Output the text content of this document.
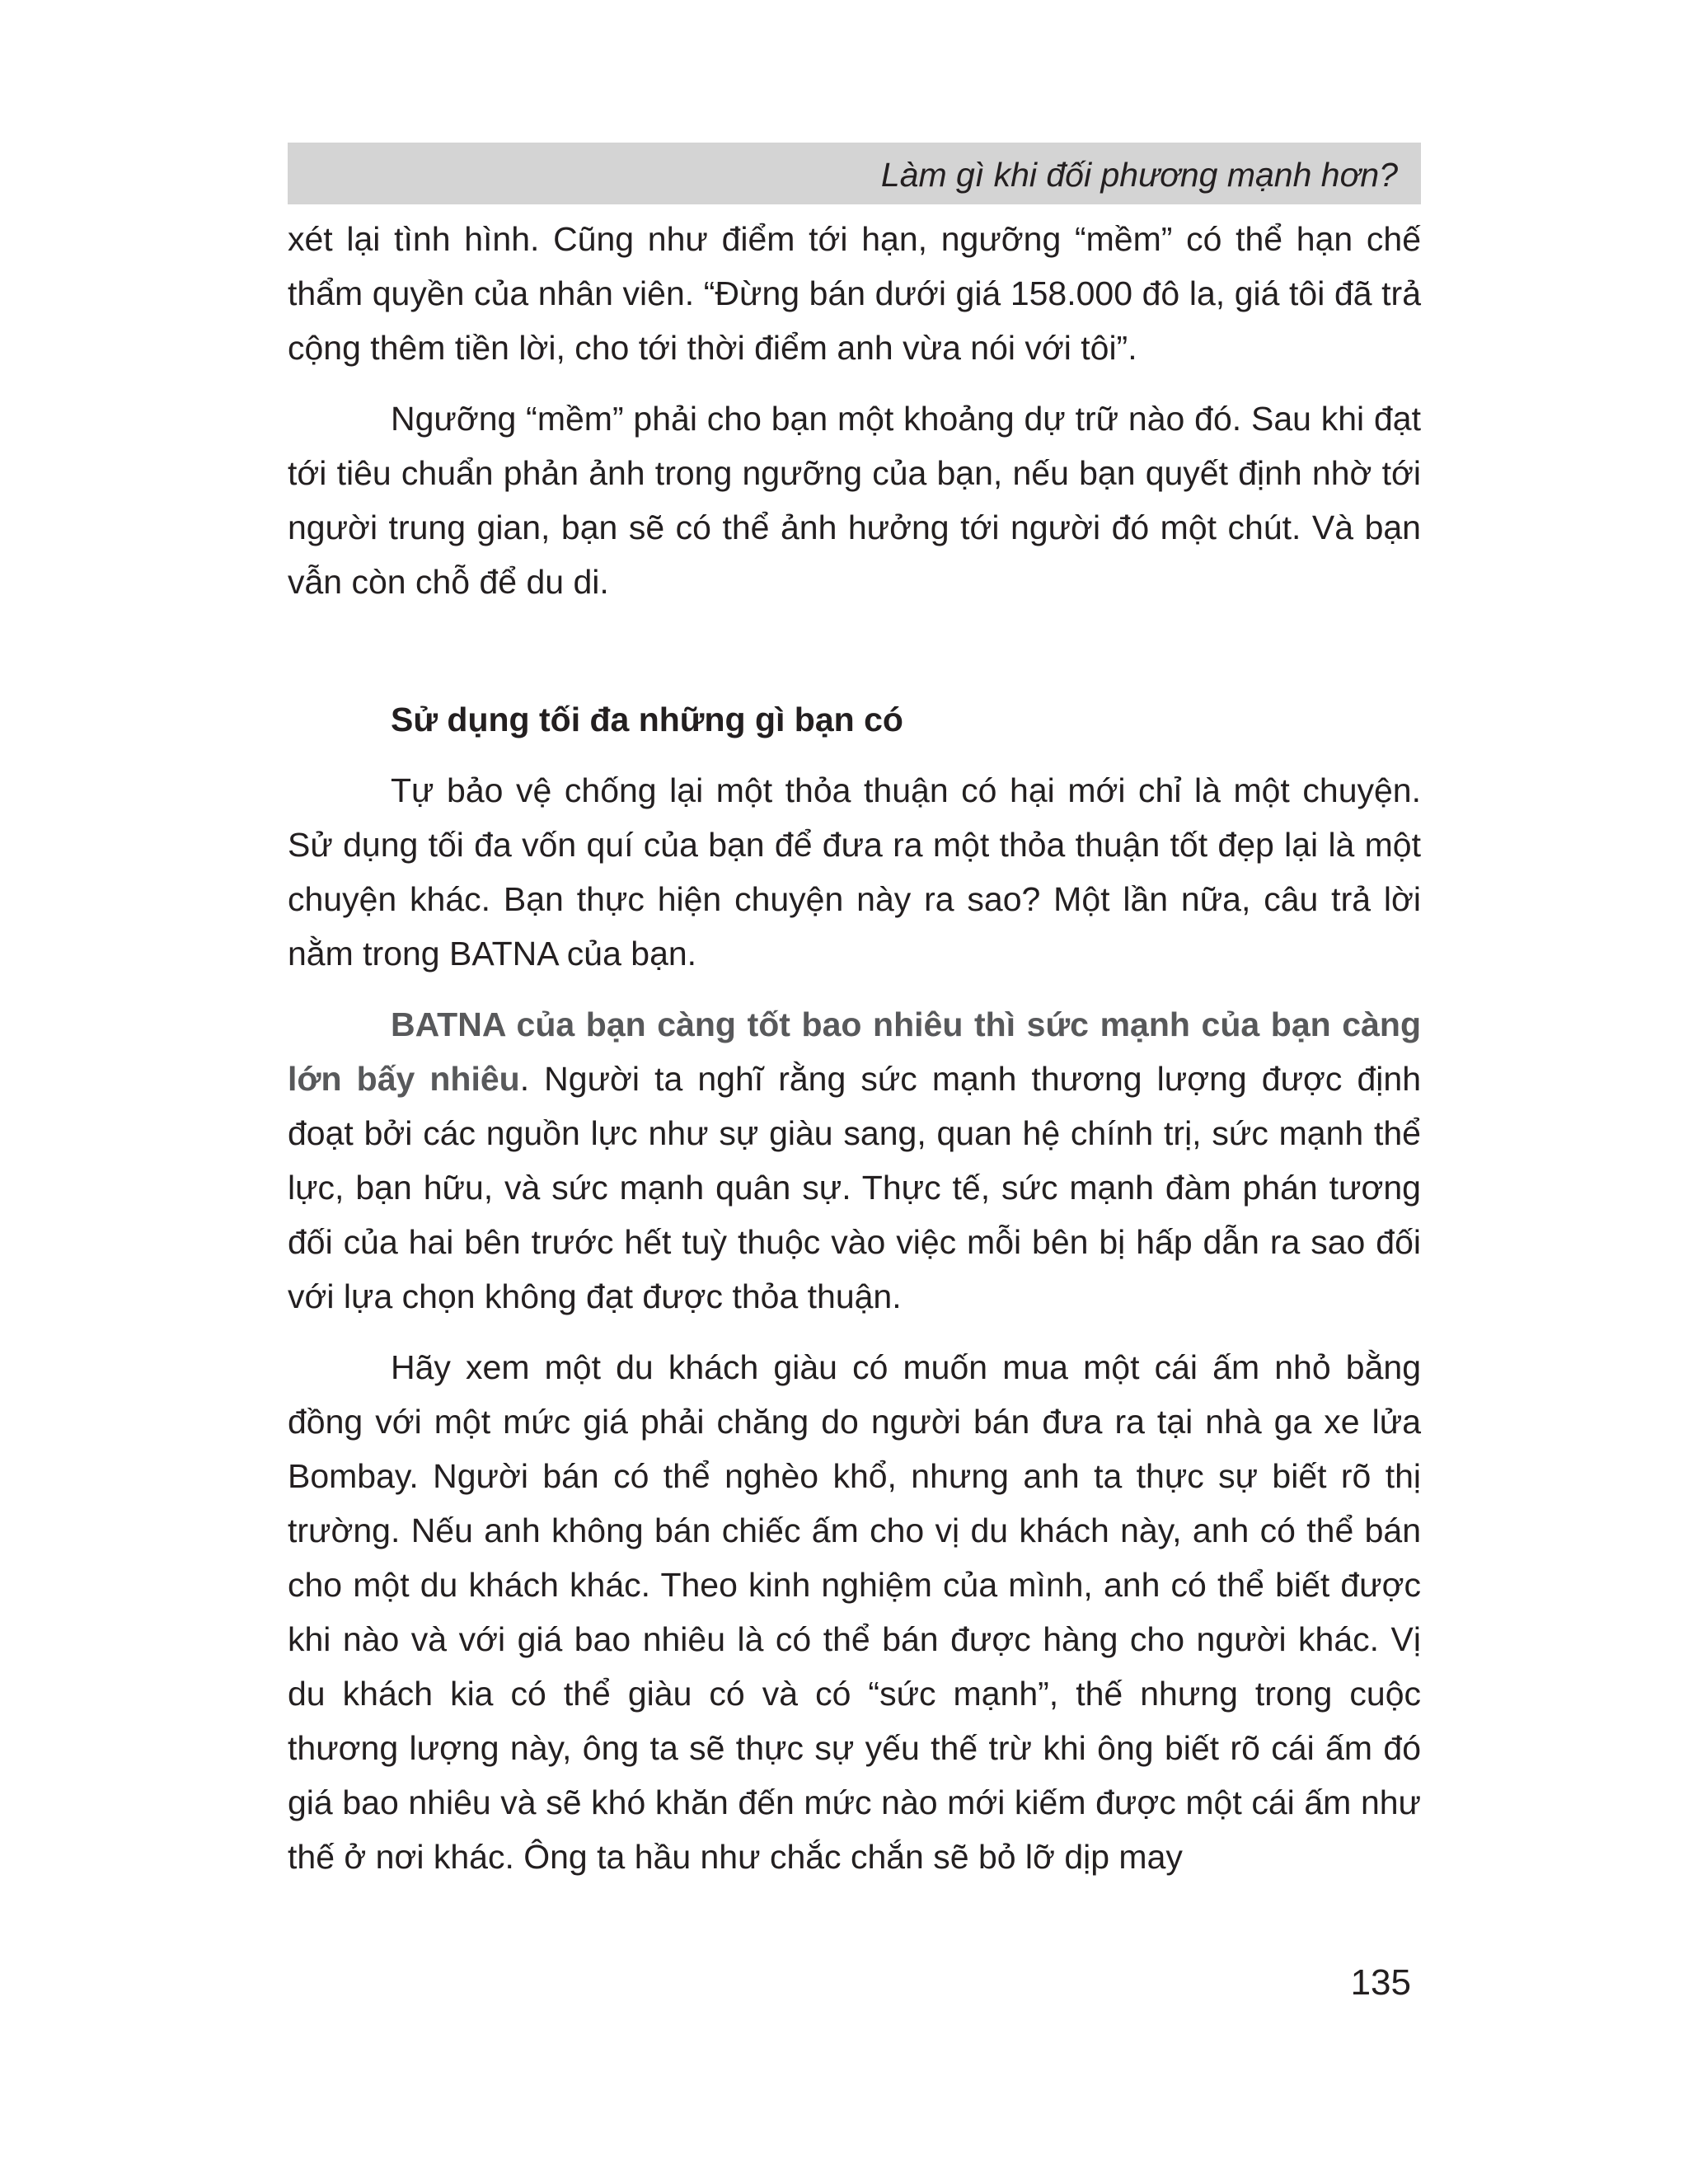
Làm gì khi đối phương mạnh hơn?

xét lại tình hình. Cũng như điểm tới hạn, ngưỡng “mềm” có thể hạn chế thẩm quyền của nhân viên. “Đừng bán dưới giá 158.000 đô la, giá tôi đã trả cộng thêm tiền lời, cho tới thời điểm anh vừa nói với tôi”.

Ngưỡng “mềm” phải cho bạn một khoảng dự trữ nào đó. Sau khi đạt tới tiêu chuẩn phản ảnh trong ngưỡng của bạn, nếu bạn quyết định nhờ tới người trung gian, bạn sẽ có thể ảnh hưởng tới người đó một chút. Và bạn vẫn còn chỗ để du di.

Sử dụng tối đa những gì bạn có

Tự bảo vệ chống lại một thỏa thuận có hại mới chỉ là một chuyện. Sử dụng tối đa vốn quí của bạn để đưa ra một thỏa thuận tốt đẹp lại là một chuyện khác. Bạn thực hiện chuyện này ra sao? Một lần nữa, câu trả lời nằm trong BATNA của bạn.

BATNA của bạn càng tốt bao nhiêu thì sức mạnh của bạn càng lớn bấy nhiêu. Người ta nghĩ rằng sức mạnh thương lượng được định đoạt bởi các nguồn lực như sự giàu sang, quan hệ chính trị, sức mạnh thể lực, bạn hữu, và sức mạnh quân sự. Thực tế, sức mạnh đàm phán tương đối của hai bên trước hết tuỳ thuộc vào việc mỗi bên bị hấp dẫn ra sao đối với lựa chọn không đạt được thỏa thuận.

Hãy xem một du khách giàu có muốn mua một cái ấm nhỏ bằng đồng với một mức giá phải chăng do người bán đưa ra tại nhà ga xe lửa Bombay. Người bán có thể nghèo khổ, nhưng anh ta thực sự biết rõ thị trường. Nếu anh không bán chiếc ấm cho vị du khách này, anh có thể bán cho một du khách khác. Theo kinh nghiệm của mình, anh có thể biết được khi nào và với giá bao nhiêu là có thể bán được hàng cho người khác. Vị du khách kia có thể giàu có và có “sức mạnh”, thế nhưng trong cuộc thương lượng này, ông ta sẽ thực sự yếu thế trừ khi ông biết rõ cái ấm đó giá bao nhiêu và sẽ khó khăn đến mức nào mới kiếm được một cái ấm như thế ở nơi khác. Ông ta hầu như chắc chắn sẽ bỏ lỡ dịp may

135
